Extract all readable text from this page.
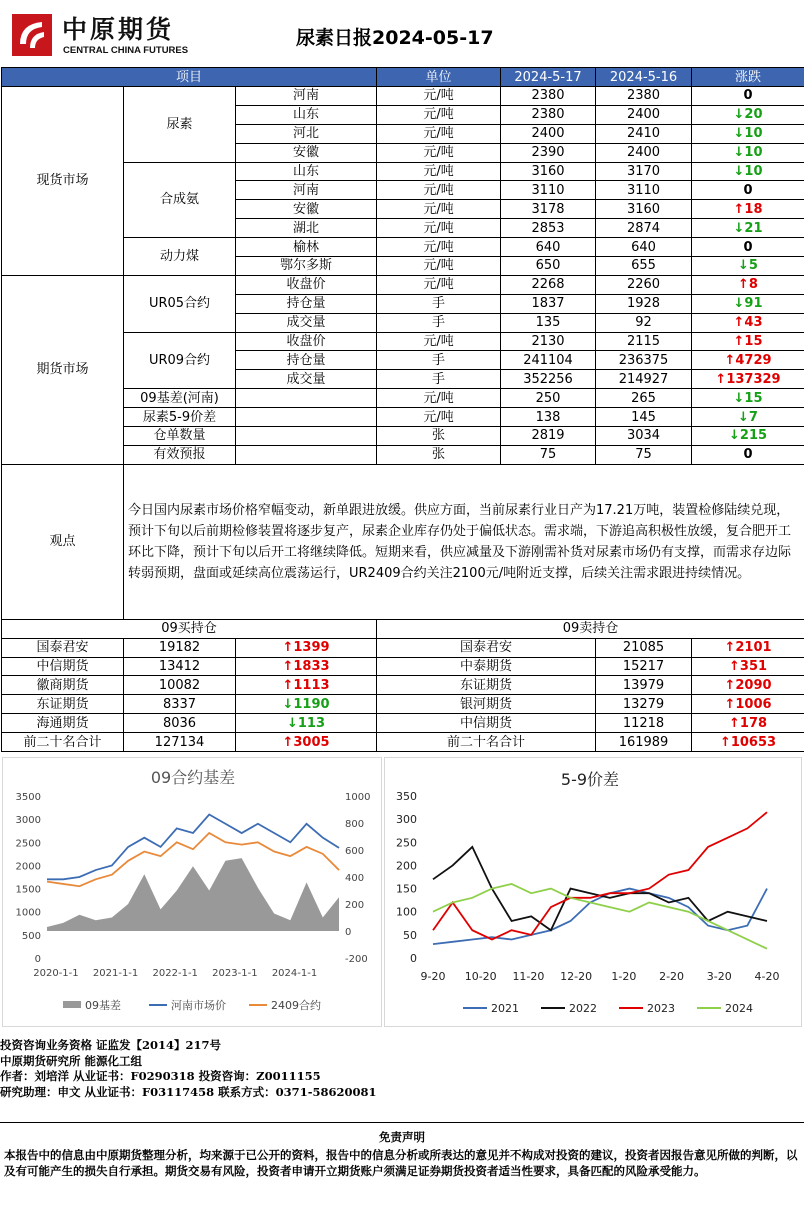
中原期货
CENTRAL CHINA FUTURES
尿素日报2024-05-17
项目			单位	2024-5-17	2024-5-16	涨跌
现货市场	尿素	河南	元/吨	2380	2380	0
		山东	元/吨	2380	2400	↓20
		河北	元/吨	2400	2410	↓10
		安徽	元/吨	2390	2400	↓10
	合成氨	山东	元/吨	3160	3170	↓10
		河南	元/吨	3110	3110	0
		安徽	元/吨	3178	3160	↑18
		湖北	元/吨	2853	2874	↓21
	动力煤	榆林	元/吨	640	640	0
		鄂尔多斯	元/吨	650	655	↓5
期货市场	UR05合约	收盘价	元/吨	2268	2260	↑8
		持仓量	手	1837	1928	↓91
		成交量	手	135	92	↑43
	UR09合约	收盘价	元/吨	2130	2115	↑15
		持仓量	手	241104	236375	↑4729
		成交量	手	352256	214927	↑137329
	09基差(河南)		元/吨	250	265	↓15
	尿素5-9价差		元/吨	138	145	↓7
	仓单数量		张	2819	3034	↓215
	有效预报		张	75	75	0
观点	今日国内尿素市场价格窄幅变动，新单跟进放缓。供应方面，当前尿素行业日产为17.21万吨，装置检修陆续兑现，预计下旬以后前期检修装置将逐步复产，尿素企业库存仍处于偏低状态。需求端，下游追高积极性放缓，复合肥开工环比下降，预计下旬以后开工将继续降低。短期来看，供应减量及下游刚需补货对尿素市场仍有支撑，而需求存边际转弱预期，盘面或延续高位震荡运行，UR2409合约关注2100元/吨附近支撑，后续关注需求跟进持续情况。					
09买持仓			09卖持仓			
国泰君安	19182	↑1399	国泰君安		21085	↑2101
中信期货	13412	↑1833	中泰期货		15217	↑351
徽商期货	10082	↑1113	东证期货		13979	↑2090
东证期货	8337	↓1190	银河期货		13279	↑1006
海通期货	8036	↓113	中信期货		11218	↑178
前二十名合计	127134	↑3005	前二十名合计		161989	↑10653
09合约基差
0
500
1000
1500
2000
2500
3000
3500
-200
0
200
400
600
800
1000
2020-1-1 2021-1-1 2022-1-1 2023-1-1 2024-1-1
09基差	河南市场价	2409合约
5-9价差
0
50
100
150
200
250
300
350
9-20 10-20 11-20 12-20 1-20 2-20 3-20 4-20
2021	2022	2023	2024
投资咨询业务资格 证监发【2014】217号
中原期货研究所 能源化工组
作者：刘培洋 从业证书：F0290318 投资咨询：Z0011155
研究助理：申文 从业证书：F03117458 联系方式：0371-58620081
免责声明
本报告中的信息由中原期货整理分析，均来源于已公开的资料，报告中的信息分析或所表达的意见并不构成对投资的建议，投资者因报告意见所做的判断，以及有可能产生的损失自行承担。期货交易有风险，投资者申请开立期货账户须满足证券期货投资者适当性要求，具备匹配的风险承受能力。
